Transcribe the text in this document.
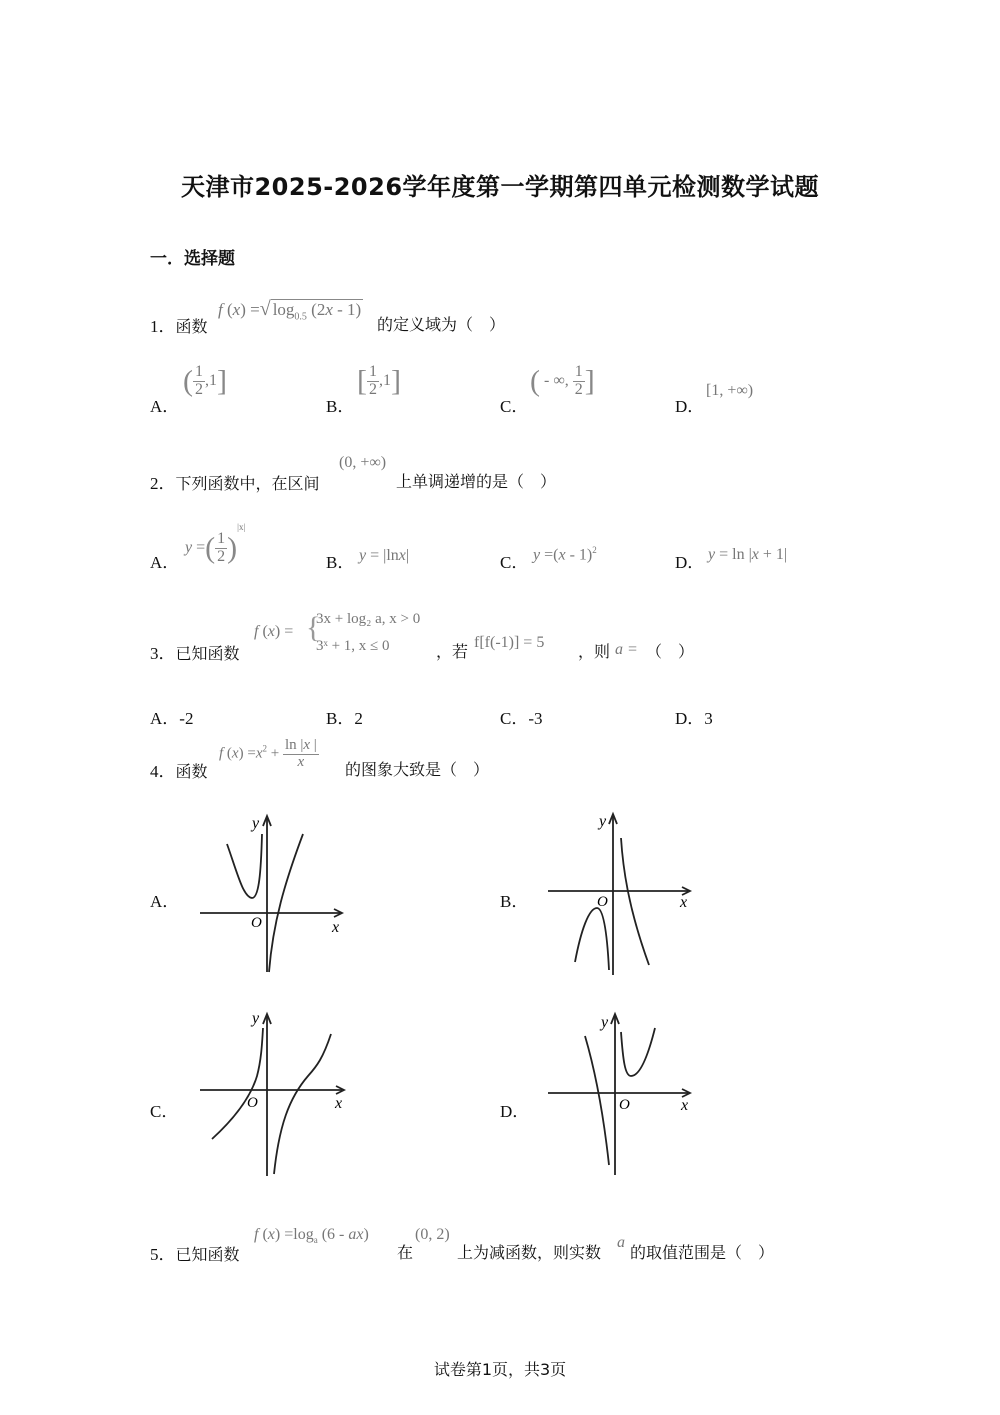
天津市2025-2026学年度第一学期第四单元检测数学试题
一．选择题
1．函数
f (x) =√ $\log_{0.5} (2x - 1)$
的定义域为（　）
A．
( $\frac{1}{2} ,1$]
B．
[ $\frac{1}{2} ,1$]
C．
( - ∞, $\frac{1}{2}$ ]
D．
[1, +∞)
2．下列函数中，在区间
(0, +∞)
上单调递增的是（　）
A．
y =( $\frac{1}{2} )^{|x|}$
B． y = |lnx|	C． y =(x - 1)$^2$
D． y = ln |x + 1|
3．已知函数
f (x) = {
3x + log₂ a, x > 0
3ˣ + 1, x ≤ 0	，若 f[f(-1)] = 5 ，则 a = （　）
A．-2	B．2	C．-3	D．3
4．函数
f $(x) =x^2 + \frac{\ln |x |}{x}$ 的图象大致是（　）
A．
y
x
O
B．
y
x
O
C．
y
x
O	D．
y
x
O
5．已知函数
f $(x) =\log_a$ (6 - ax)
在
(0, 2)
上为减函数，则实数
a
的取值范围是（　）
试卷第1页，共3页
